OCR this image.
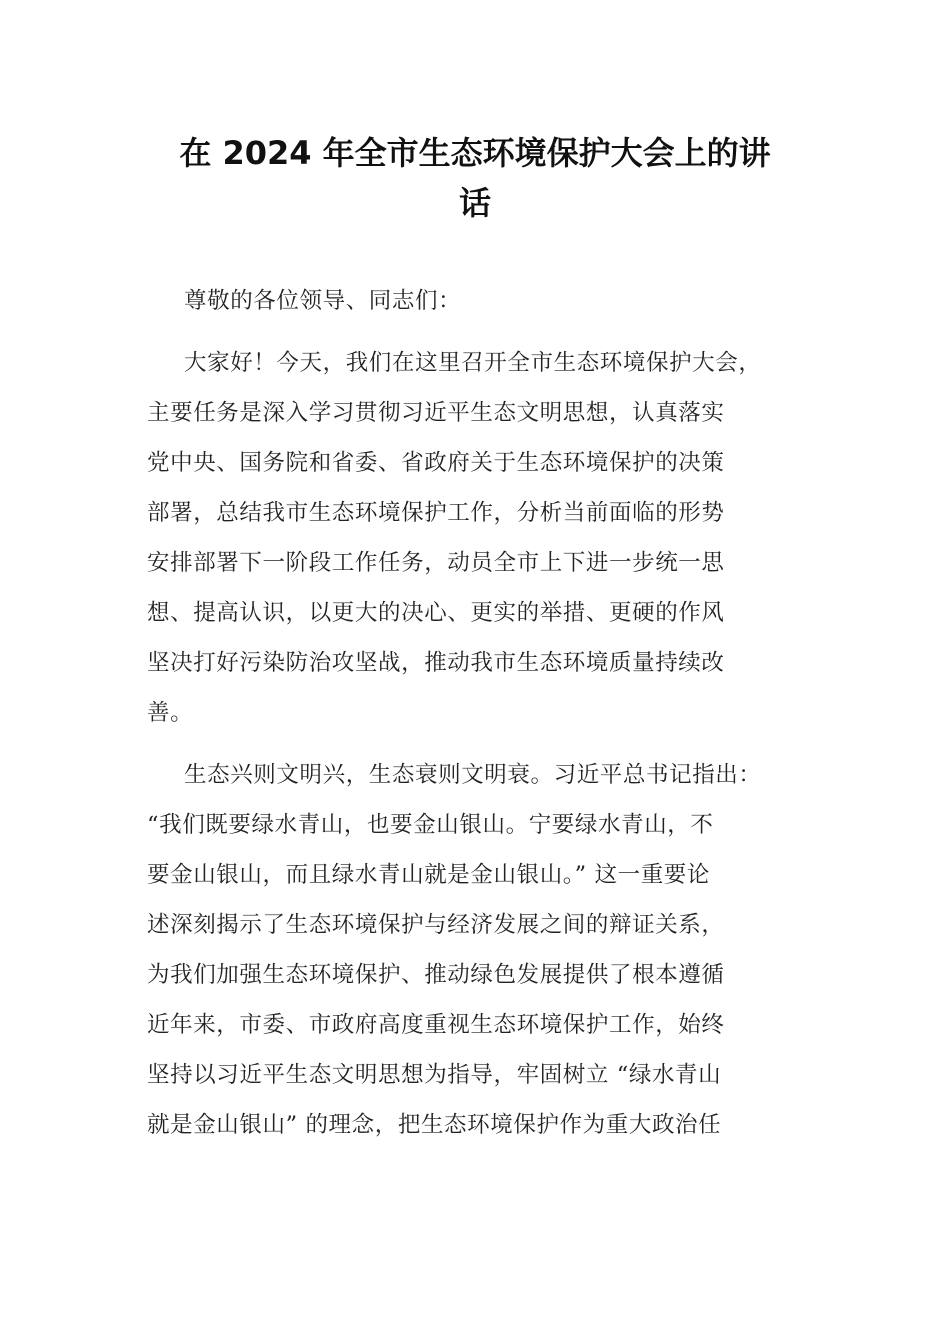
在 2024 年全市生态环境保护大会上的讲
话
尊敬的各位领导、同志们：
大家好！今天，我们在这里召开全市生态环境保护大会，
主要任务是深入学习贯彻习近平生态文明思想，认真落实
党中央、国务院和省委、省政府关于生态环境保护的决策
部署，总结我市生态环境保护工作，分析当前面临的形势
安排部署下一阶段工作任务，动员全市上下进一步统一思
想、提高认识，以更大的决心、更实的举措、更硬的作风
坚决打好污染防治攻坚战，推动我市生态环境质量持续改
善。
生态兴则文明兴，生态衰则文明衰。习近平总书记指出：
“我们既要绿水青山，也要金山银山。宁要绿水青山，不
要金山银山，而且绿水青山就是金山银山。” 这一重要论
述深刻揭示了生态环境保护与经济发展之间的辩证关系，
为我们加强生态环境保护、推动绿色发展提供了根本遵循
近年来，市委、市政府高度重视生态环境保护工作，始终
坚持以习近平生态文明思想为指导，牢固树立 “绿水青山
就是金山银山” 的理念，把生态环境保护作为重大政治任
